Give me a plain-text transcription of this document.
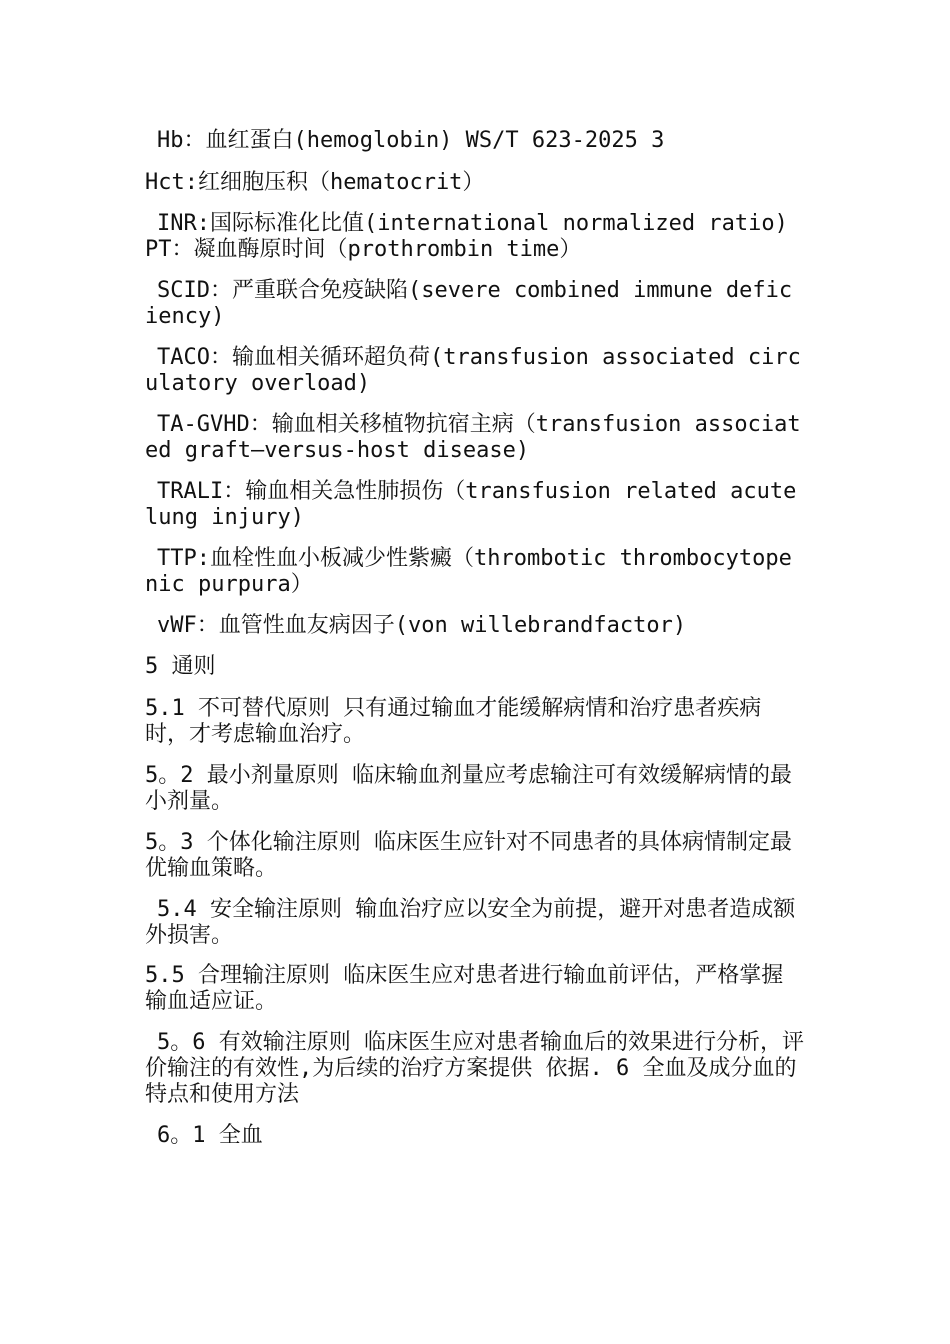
Hb：血红蛋白(hemoglobin) WS/T 623-2025 3

Hct:红细胞压积（hematocrit）

INR:国际标准化比值(international normalized ratio)
PT：凝血酶原时间（prothrombin time）

SCID：严重联合免疫缺陷(severe combined immune deficiency)

TACO：输血相关循环超负荷(transfusion associated circulatory overload)

TA-GVHD：输血相关移植物抗宿主病（transfusion associated graft—versus-host disease)

TRALI：输血相关急性肺损伤（transfusion related acute lung injury)

TTP:血栓性血小板减少性紫癜（thrombotic thrombocytopenic purpura）

vWF：血管性血友病因子(von willebrandfactor)

5 通则

5.1 不可替代原则 只有通过输血才能缓解病情和治疗患者疾病时，才考虑输血治疗。

5。2 最小剂量原则 临床输血剂量应考虑输注可有效缓解病情的最小剂量。

5。3 个体化输注原则 临床医生应针对不同患者的具体病情制定最优输血策略。

5.4 安全输注原则 输血治疗应以安全为前提，避开对患者造成额外损害。

5.5 合理输注原则 临床医生应对患者进行输血前评估，严格掌握输血适应证。

5。6 有效输注原则 临床医生应对患者输血后的效果进行分析，评价输注的有效性,为后续的治疗方案提供 依据. 6 全血及成分血的特点和使用方法

6。1 全血
